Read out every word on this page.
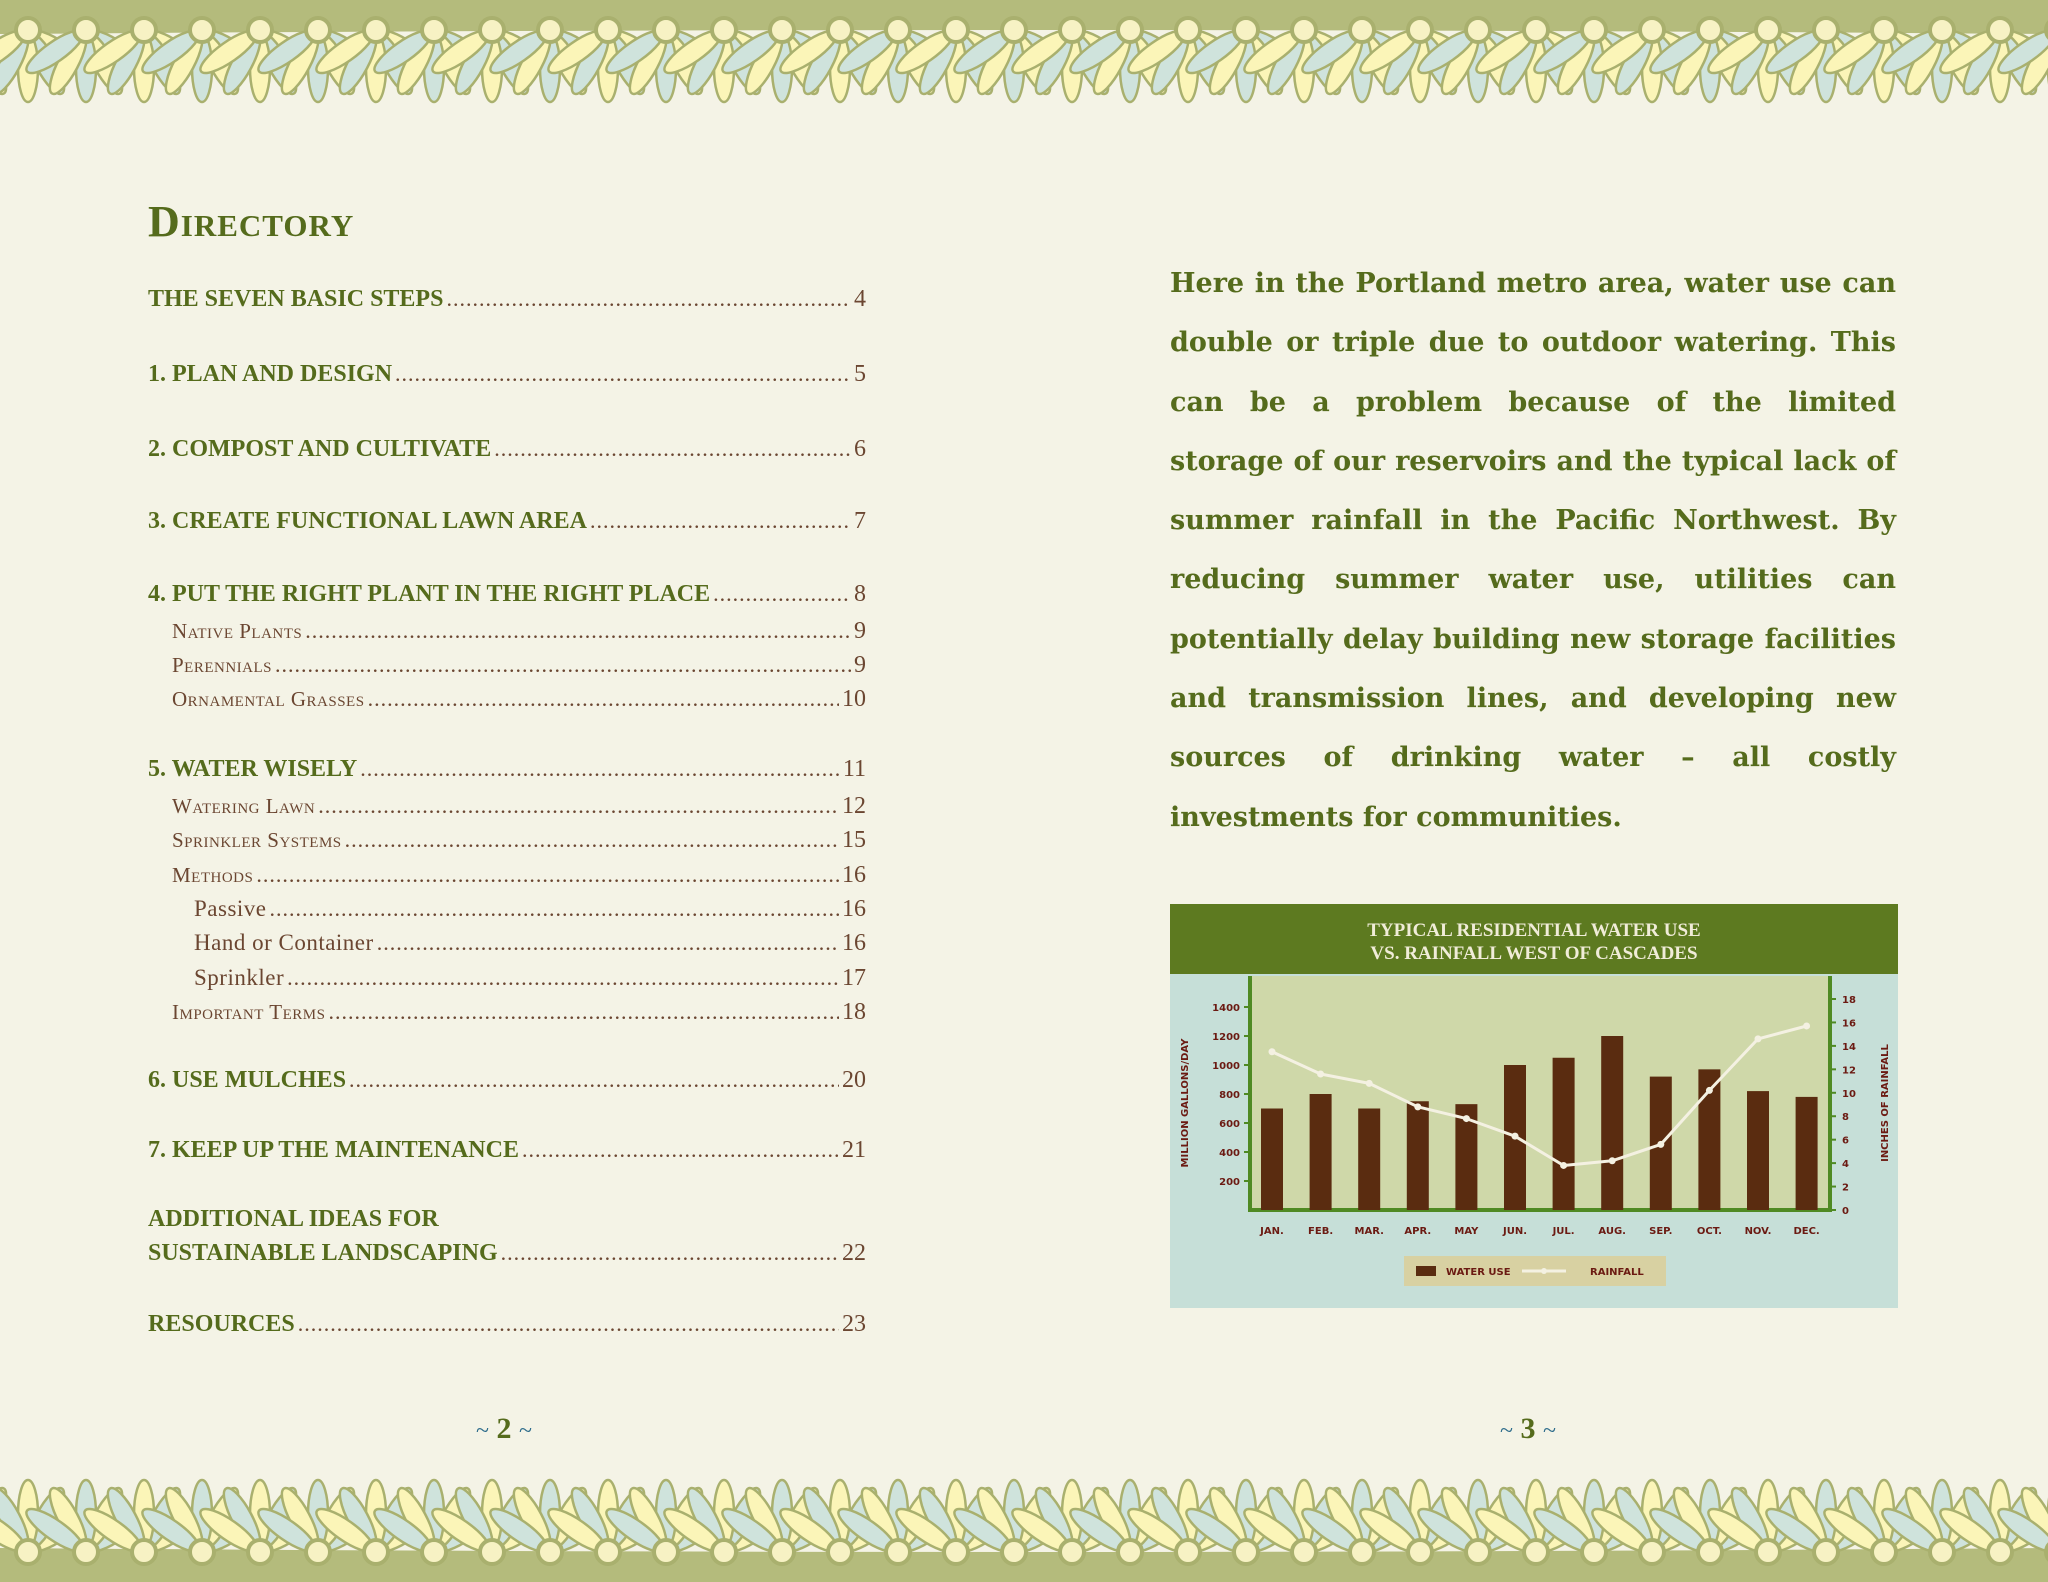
Directory
THE SEVEN BASIC STEPS .....	4
1. PLAN AND DESIGN .....	5
2. COMPOST AND CULTIVATE .....	6
3. CREATE FUNCTIONAL LAWN AREA .....	7
4. PUT THE RIGHT PLANT IN THE RIGHT PLACE .....	8
Native Plants .....	9
Perennials .....	9
Ornamental Grasses .....	10
5. WATER WISELY .....	11
Watering Lawn .....	12
Sprinkler Systems .....	15
Methods .....	16
Passive .....	16
Hand or Container .....	16
Sprinkler .....	17
Important Terms .....	18
6. USE MULCHES .....	20
7. KEEP UP THE MAINTENANCE .....	21
ADDITIONAL IDEAS FOR
SUSTAINABLE LANDSCAPING .....	22
RESOURCES .....	23
~ 2 ~

Here in the Portland metro area, water use can double or triple due to outdoor watering. This can be a problem because of the limited storage of our reservoirs and the typical lack of summer rainfall in the Pacific Northwest. By reducing summer water use, utilities can potentially delay building new storage facilities and transmission lines, and developing new sources of drinking water – all costly investments for communities.

TYPICAL RESIDENTIAL WATER USE
VS. RAINFALL WEST OF CASCADES
200
400
600
800
1000
1200
1400
0
2
4
6
8
10
12
14
16
18
MILLION GALLONS/DAY	INCHES OF RAINFALL
JAN. FEB. MAR. APR. MAY JUN.	JUL. AUG. SEP. OCT. NOV. DEC.
WATER USE	RAINFALL
~ 3 ~
